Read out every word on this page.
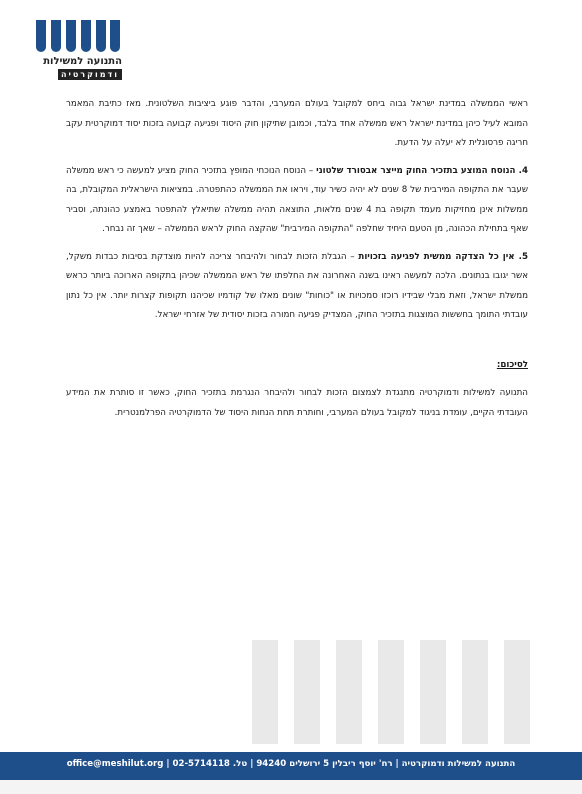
התנועה למשילות
ודמוקרטיה

ראשי הממשלה במדינת ישראל גבוה ביחס למקובל בעולם המערבי, והדבר פוגע ביציבות השלטונית. מאז כתיבת המאמר המובא לעיל כיהן במדינת ישראל ראש ממשלה אחד בלבד, וכמובן שתיקון חוק היסוד ופגיעה קבועה בזכות יסוד דמוקרטית עקב חריגה פרסונלית לא יעלה על הדעת.

4. הנוסח המוצע בתזכיר החוק מייצר אבסורד שלטוני – הנוסח הנוכחי המופץ בתזכיר החוק מציע למעשה כי ראש ממשלה שעבר את התקופה המירבית של 8 שנים לא יהיה כשיר עוד, ויראו את הממשלה כהתפטרה. במציאות הישראלית המקובלת, בה ממשלות אינן מחזיקות מעמד תקופה בת 4 שנים מלאות, התוצאה תהיה ממשלה שתיאלץ להתפטר באמצע כהונתה, וסביר שאף בתחילת הכהונה, מן הטעם היחיד שחלפה "התקופה המירבית" שהקצה החוק לראש הממשלה – שאך זה נבחר.

5. אין כל הצדקה ממשית לפגיעה בזכויות – הגבלת הזכות לבחור ולהיבחר צריכה להיות מוצדקת בסיבות כבדות משקל, אשר יגובו בנתונים. הלכה למעשה ראינו בשנה האחרונה את החלפתו של ראש הממשלה שכיהן בתקופה הארוכה ביותר כראש ממשלת ישראל, וזאת מבלי שבידיו רוכזו סמכויות או "כוחות" שונים מאלו של קודמיו שכיהנו תקופות קצרות יותר. אין כל נתון עובדתי התומך בחששות המוצגות בתזכיר החוק, המצדיק פגיעה חמורה בזכות יסודית של אזרחי ישראל.

לסיכום:

התנועה למשילות ודמוקרטיה מתנגדת לצמצום הזכות לבחור ולהיבחר הנגרמת בתזכיר החוק, כאשר זו סותרת את המידע העובדתי הקיים, עומדת בניגוד למקובל בעולם המערבי, וחותרת תחת הנחות היסוד של הדמוקרטיה הפרלמנטרית.

התנועה למשילות ודמוקרטיה | רח' יוסף ריבלין 5 ירושלים 94240 | טל. 02-5714118 | office@meshilut.org
